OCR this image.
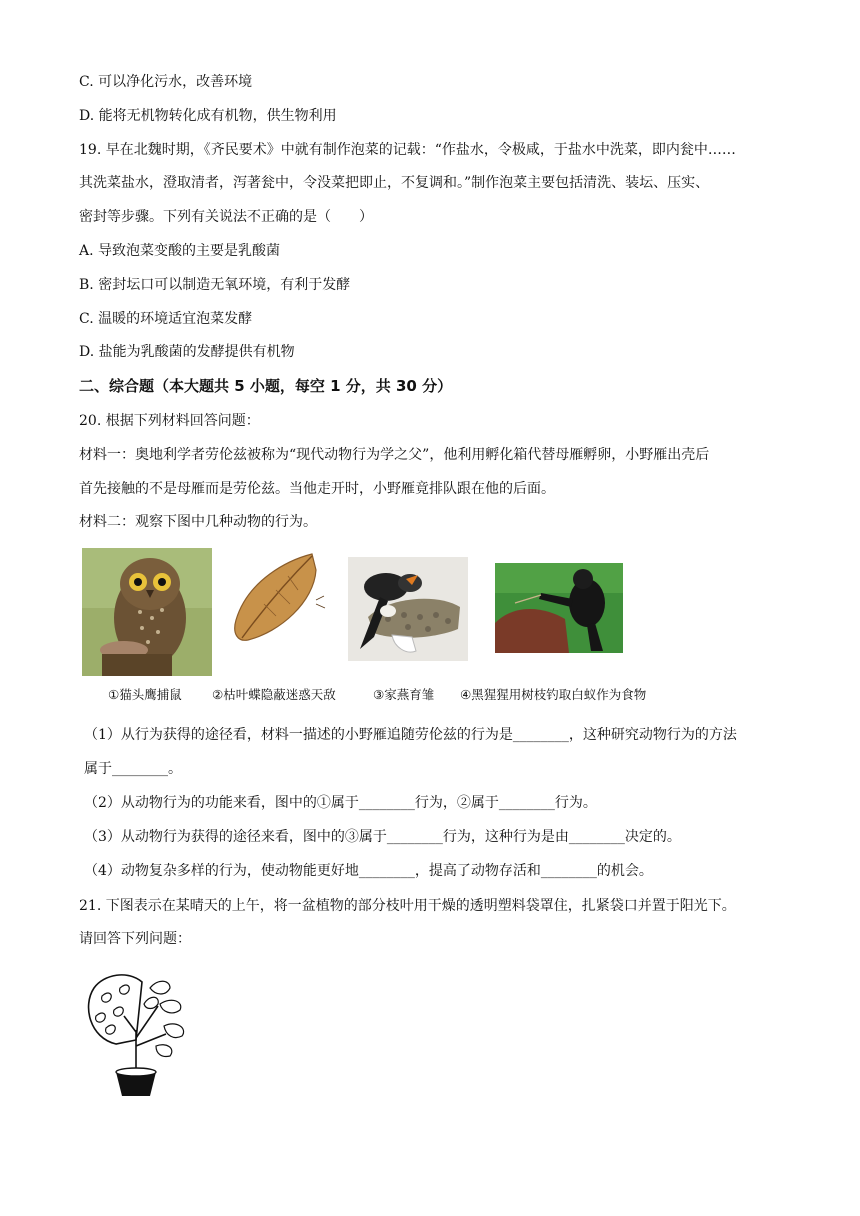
C. 可以净化污水，改善环境
D. 能将无机物转化成有机物，供生物利用
19. 早在北魏时期，《齐民要术》中就有制作泡菜的记载：“作盐水，令极咸，于盐水中洗菜，即内瓮中……
其洗菜盐水，澄取清者，泻著瓮中，令没菜把即止，不复调和。”制作泡菜主要包括清洗、装坛、压实、
密封等步骤。下列有关说法不正确的是（　　）
A. 导致泡菜变酸的主要是乳酸菌
B. 密封坛口可以制造无氧环境，有利于发酵
C. 温暖的环境适宜泡菜发酵
D. 盐能为乳酸菌的发酵提供有机物
二、综合题（本大题共 5 小题，每空 1 分，共 30 分）
20. 根据下列材料回答问题：
材料一：奥地利学者劳伦兹被称为“现代动物行为学之父”，他利用孵化箱代替母雁孵卵，小野雁出壳后
首先接触的不是母雁而是劳伦兹。当他走开时，小野雁竟排队跟在他的后面。
材料二：观察下图中几种动物的行为。
①猫头鹰捕鼠 ②枯叶蝶隐蔽迷惑天敌	③家燕育雏 ④黑猩猩用树枝钓取白蚁作为食物
（1）从行为获得的途径看，材料一描述的小野雁追随劳伦兹的行为是________，这种研究动物行为的方法
属于________。
（2）从动物行为的功能来看，图中的①属于________行为，②属于________行为。
（3）从动物行为获得的途径来看，图中的③属于________行为，这种行为是由________决定的。
（4）动物复杂多样的行为，使动物能更好地________，提高了动物存活和________的机会。
21. 下图表示在某晴天的上午，将一盆植物的部分枝叶用干燥的透明塑料袋罩住，扎紧袋口并置于阳光下。
请回答下列问题：
